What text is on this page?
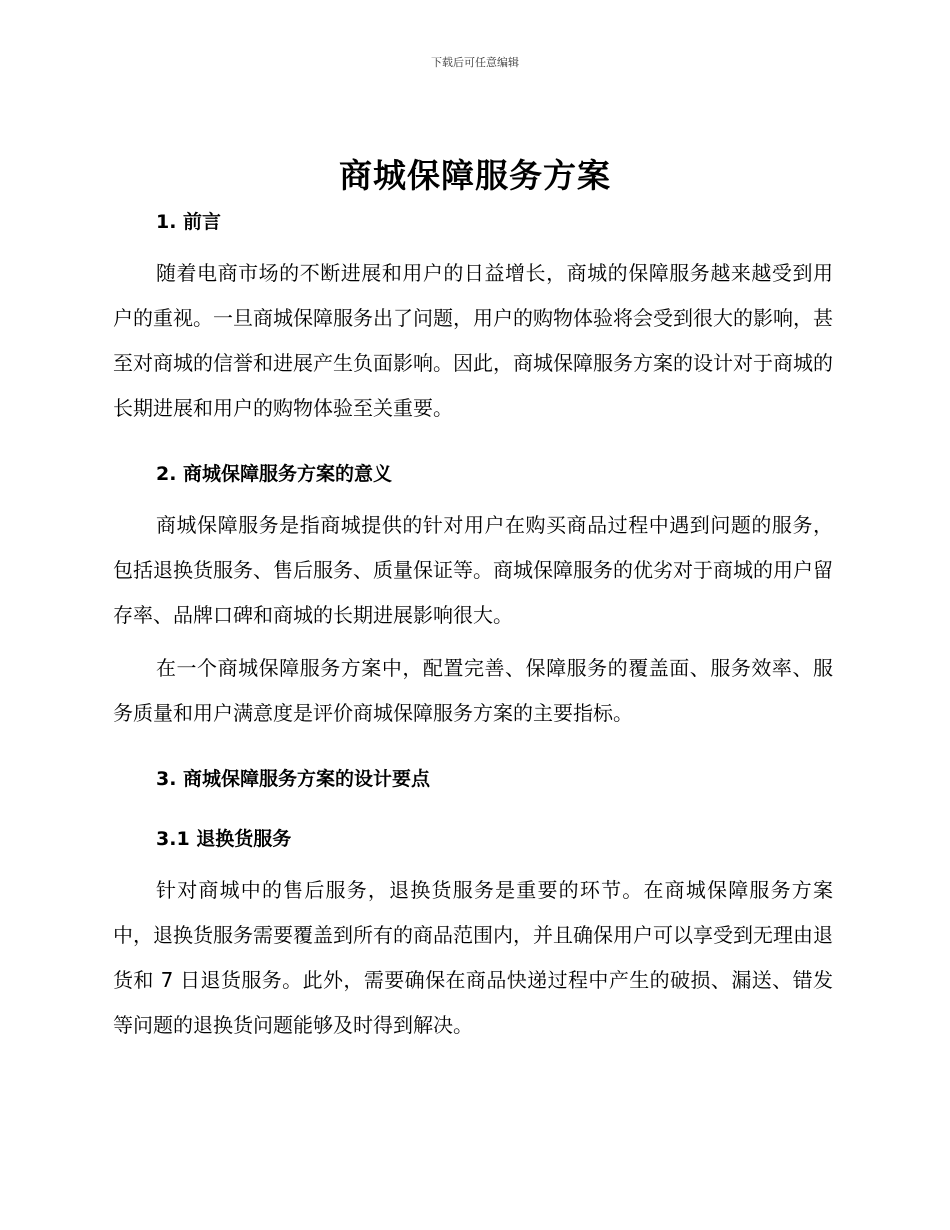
下载后可任意编辑
商城保障服务方案
1. 前言

随着电商市场的不断进展和用户的日益增长，商城的保障服务越来越受到用户的重视。一旦商城保障服务出了问题，用户的购物体验将会受到很大的影响，甚至对商城的信誉和进展产生负面影响。因此，商城保障服务方案的设计对于商城的长期进展和用户的购物体验至关重要。

2. 商城保障服务方案的意义

商城保障服务是指商城提供的针对用户在购买商品过程中遇到问题的服务，包括退换货服务、售后服务、质量保证等。商城保障服务的优劣对于商城的用户留存率、品牌口碑和商城的长期进展影响很大。

在一个商城保障服务方案中，配置完善、保障服务的覆盖面、服务效率、服务质量和用户满意度是评价商城保障服务方案的主要指标。

3. 商城保障服务方案的设计要点
3.1 退换货服务

针对商城中的售后服务，退换货服务是重要的环节。在商城保障服务方案中，退换货服务需要覆盖到所有的商品范围内，并且确保用户可以享受到无理由退货和 7 日退货服务。此外，需要确保在商品快递过程中产生的破损、漏送、错发等问题的退换货问题能够及时得到解决。
